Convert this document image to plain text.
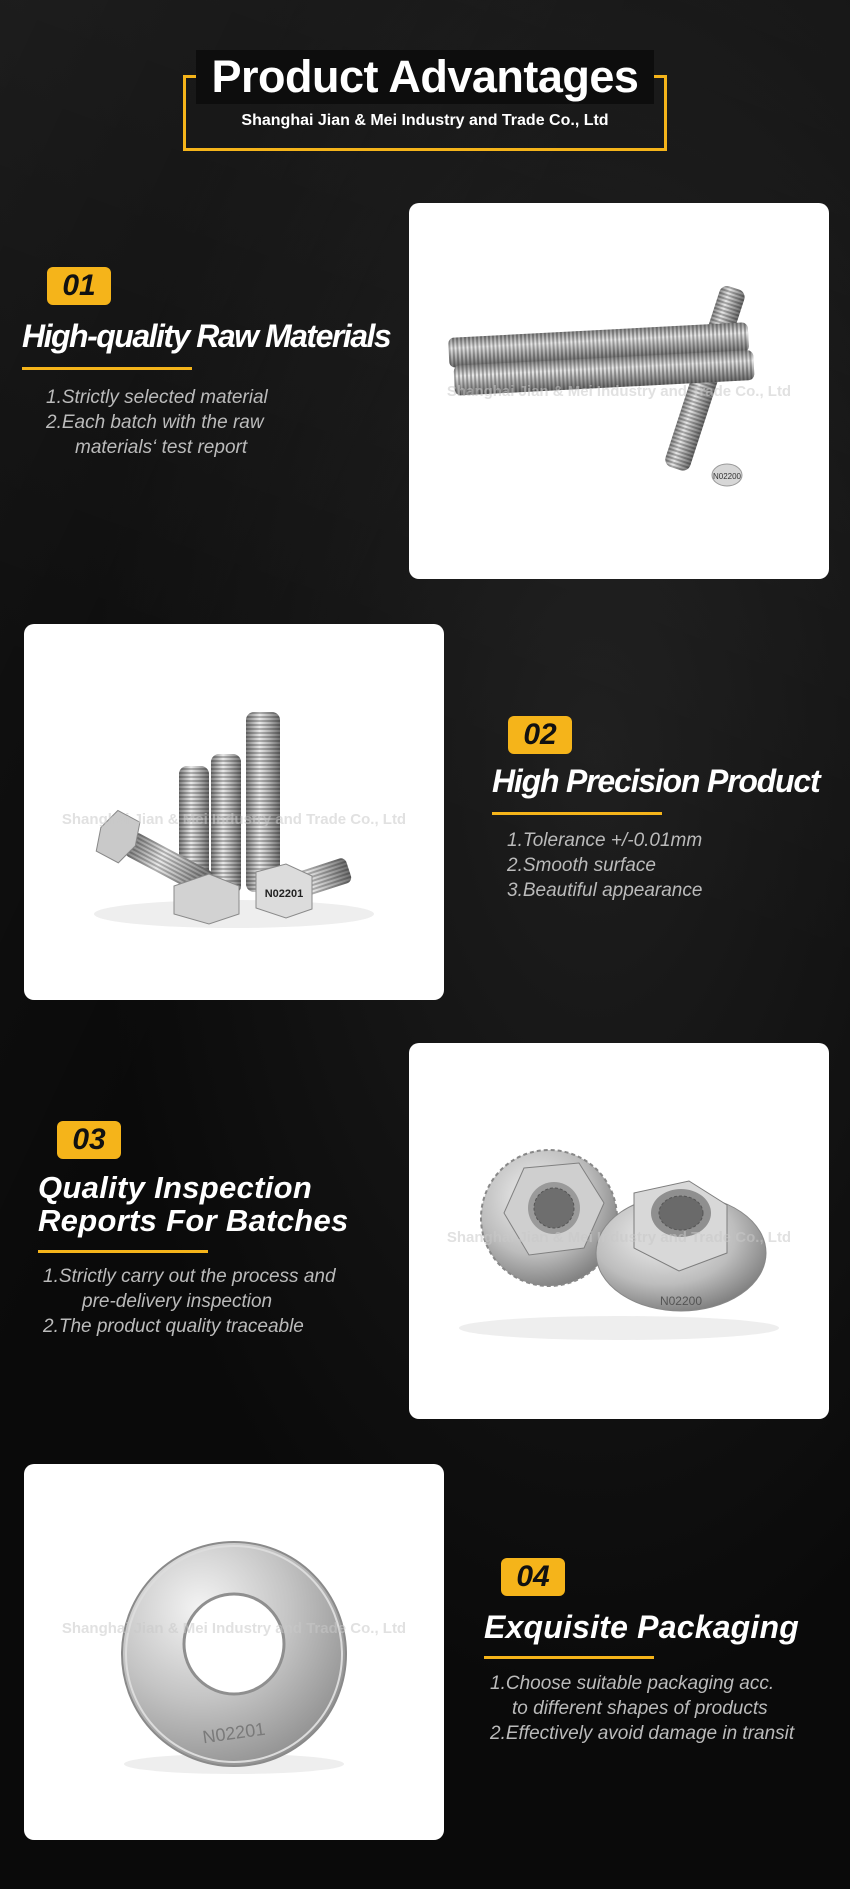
Product Advantages
Shanghai Jian & Mei Industry and Trade Co., Ltd
01
High-quality Raw Materials
1.Strictly selected material
2.Each batch with the raw
materials‘ test report
N02200
Shanghai Jian & Mei Industry and Trade Co., Ltd
N02201
Shanghai Jian & Mei Industry and Trade Co., Ltd
02
High Precision Product
1.Tolerance +/-0.01mm
2.Smooth surface
3.Beautiful appearance
03
Quality Inspection
Reports For Batches
1.Strictly carry out the process and
pre-delivery inspection
2.The product quality traceable
N02200
Shanghai Jian & Mei Industry and Trade Co., Ltd
N02201
Shanghai Jian & Mei Industry and Trade Co., Ltd
04
Exquisite Packaging
1.Choose suitable packaging acc.
to different shapes of products
2.Effectively avoid damage in transit
